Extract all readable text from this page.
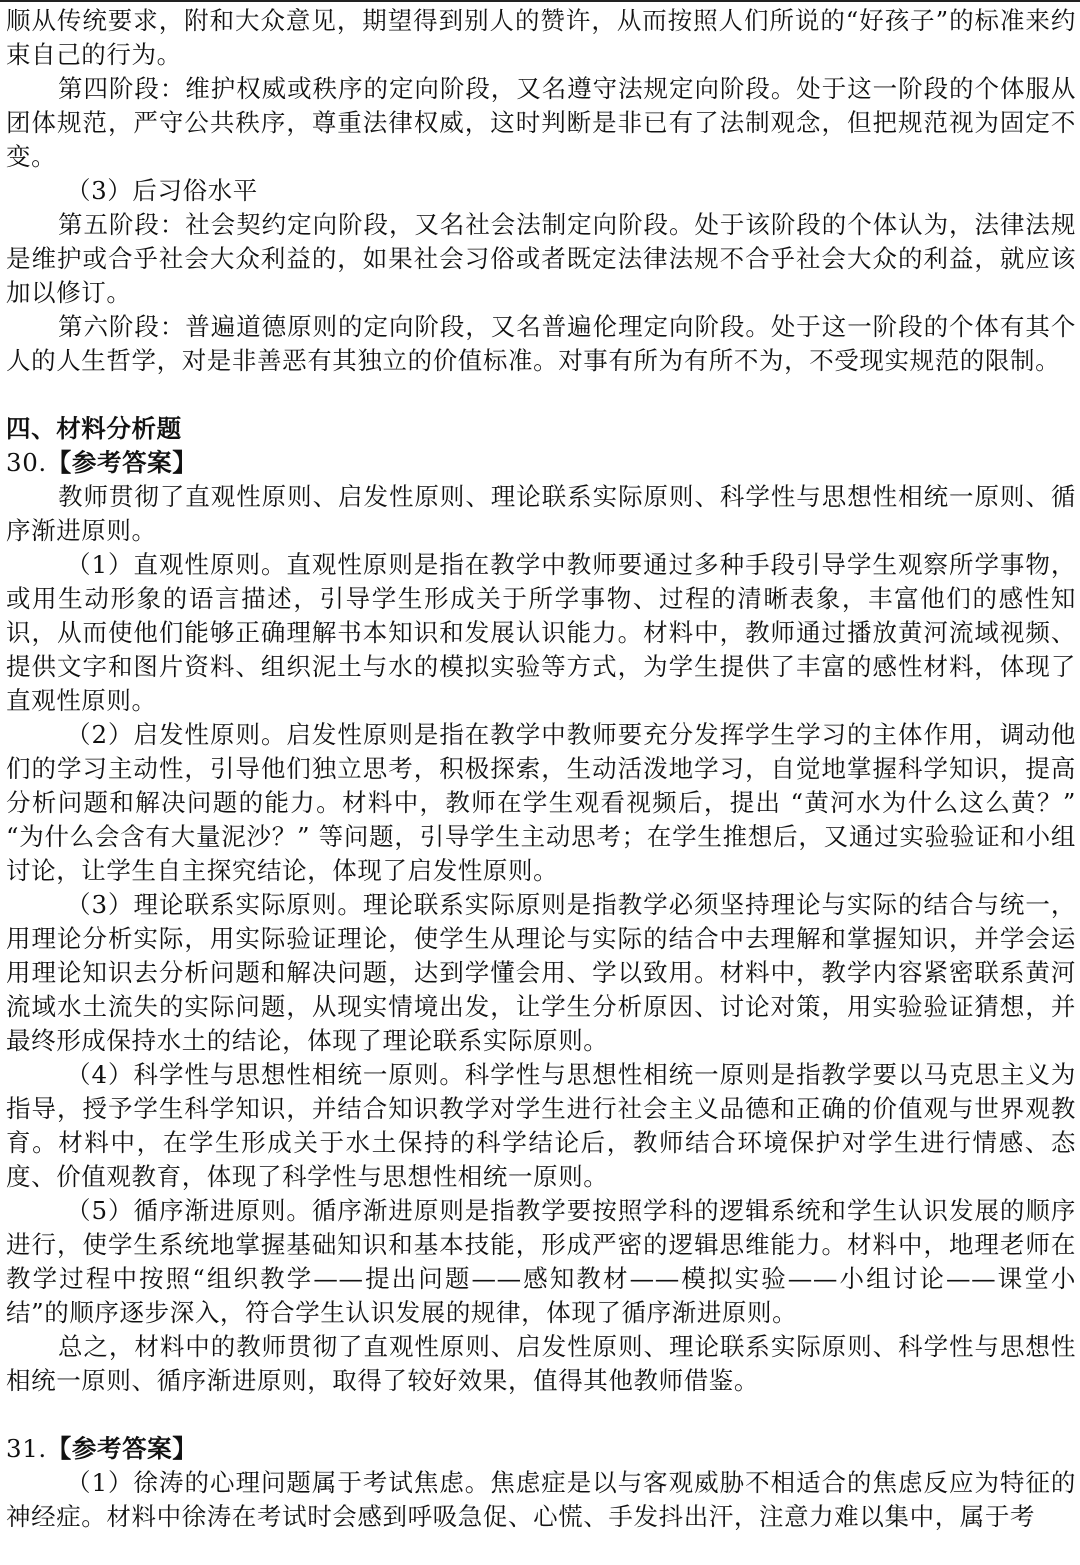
顺从传统要求，附和大众意见，期望得到别人的赞许，从而按照人们所说的“好孩子”的标准来约束自己的行为。

第四阶段：维护权威或秩序的定向阶段，又名遵守法规定向阶段。处于这一阶段的个体服从团体规范，严守公共秩序，尊重法律权威，这时判断是非已有了法制观念，但把规范视为固定不变。

（3）后习俗水平

第五阶段：社会契约定向阶段，又名社会法制定向阶段。处于该阶段的个体认为，法律法规是维护或合乎社会大众利益的，如果社会习俗或者既定法律法规不合乎社会大众的利益，就应该加以修订。

第六阶段：普遍道德原则的定向阶段，又名普遍伦理定向阶段。处于这一阶段的个体有其个人的人生哲学，对是非善恶有其独立的价值标准。对事有所为有所不为，不受现实规范的限制。

四、材料分析题

30.【参考答案】

教师贯彻了直观性原则、启发性原则、理论联系实际原则、科学性与思想性相统一原则、循序渐进原则。

（1）直观性原则。直观性原则是指在教学中教师要通过多种手段引导学生观察所学事物，或用生动形象的语言描述，引导学生形成关于所学事物、过程的清晰表象，丰富他们的感性知识，从而使他们能够正确理解书本知识和发展认识能力。材料中，教师通过播放黄河流域视频、提供文字和图片资料、组织泥土与水的模拟实验等方式，为学生提供了丰富的感性材料，体现了直观性原则。

（2）启发性原则。启发性原则是指在教学中教师要充分发挥学生学习的主体作用，调动他们的学习主动性，引导他们独立思考，积极探索，生动活泼地学习，自觉地掌握科学知识，提高分析问题和解决问题的能力。材料中，教师在学生观看视频后，提出 “黄河水为什么这么黄？” “为什么会含有大量泥沙？” 等问题，引导学生主动思考；在学生推想后，又通过实验验证和小组讨论，让学生自主探究结论，体现了启发性原则。

（3）理论联系实际原则。理论联系实际原则是指教学必须坚持理论与实际的结合与统一，用理论分析实际，用实际验证理论，使学生从理论与实际的结合中去理解和掌握知识，并学会运用理论知识去分析问题和解决问题，达到学懂会用、学以致用。材料中，教学内容紧密联系黄河流域水土流失的实际问题，从现实情境出发，让学生分析原因、讨论对策，用实验验证猜想，并最终形成保持水土的结论，体现了理论联系实际原则。

（4）科学性与思想性相统一原则。科学性与思想性相统一原则是指教学要以马克思主义为指导，授予学生科学知识，并结合知识教学对学生进行社会主义品德和正确的价值观与世界观教育。材料中，在学生形成关于水土保持的科学结论后，教师结合环境保护对学生进行情感、态度、价值观教育，体现了科学性与思想性相统一原则。

（5）循序渐进原则。循序渐进原则是指教学要按照学科的逻辑系统和学生认识发展的顺序进行，使学生系统地掌握基础知识和基本技能，形成严密的逻辑思维能力。材料中，地理老师在教学过程中按照“组织教学——提出问题——感知教材——模拟实验——小组讨论——课堂小结”的顺序逐步深入，符合学生认识发展的规律，体现了循序渐进原则。

总之，材料中的教师贯彻了直观性原则、启发性原则、理论联系实际原则、科学性与思想性相统一原则、循序渐进原则，取得了较好效果，值得其他教师借鉴。

31.【参考答案】

（1）徐涛的心理问题属于考试焦虑。焦虑症是以与客观威胁不相适合的焦虑反应为特征的神经症。材料中徐涛在考试时会感到呼吸急促、心慌、手发抖出汗，注意力难以集中，属于考
